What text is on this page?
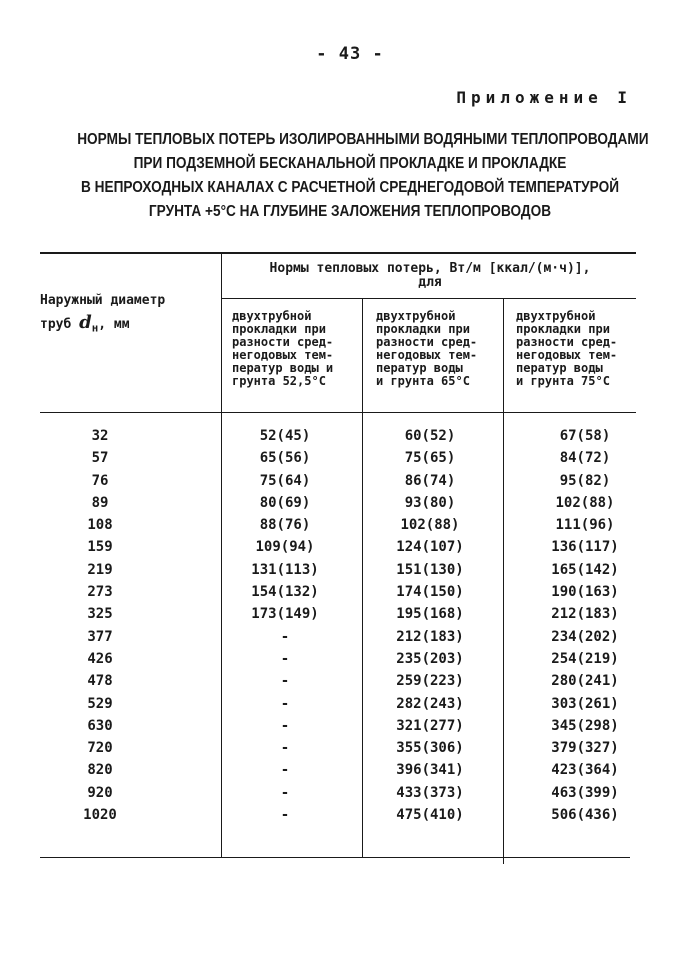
- 43 -
Приложение I
НОРМЫ ТЕПЛОВЫХ ПОТЕРЬ ИЗОЛИРОВАННЫМИ ВОДЯНЫМИ ТЕПЛОПРОВОДАМИ
ПРИ ПОДЗЕМНОЙ БЕСКАНАЛЬНОЙ ПРОКЛАДКЕ И ПРОКЛАДКЕ
В НЕПРОХОДНЫХ КАНАЛАХ С РАСЧЕТНОЙ СРЕДНЕГОДОВОЙ ТЕМПЕРАТУРОЙ
ГРУНТА +5°С НА ГЛУБИНЕ ЗАЛОЖЕНИЯ ТЕПЛОПРОВОДОВ
Наружный диаметр
труб $d_н$, мм
Нормы тепловых потерь, Вт/м [ккал/(м·ч)],
для
двухтрубной
прокладки при
разности сред-
негодовых тем-
ператур воды и
грунта 52,5°С
двухтрубной
прокладки при
разности сред-
негодовых тем-
ператур воды
и грунта 65°С
двухтрубной
прокладки при
разности сред-
негодовых тем-
ператур воды
и грунта 75°С
32	52(45)	60(52)	67(58)
57	65(56)	75(65)	84(72)
76	75(64)	86(74)	95(82)
89	80(69)	93(80)	102(88)
108	88(76)	102(88)	111(96)
159	109(94)	124(107)	136(117)
219	131(113)	151(130)	165(142)
273	154(132)	174(150)	190(163)
325	173(149)	195(168)	212(183)
377	-	212(183)	234(202)
426	-	235(203)	254(219)
478	-	259(223)	280(241)
529	-	282(243)	303(261)
630	-	321(277)	345(298)
720	-	355(306)	379(327)
820	-	396(341)	423(364)
920	-	433(373)	463(399)
1020	-	475(410)	506(436)
